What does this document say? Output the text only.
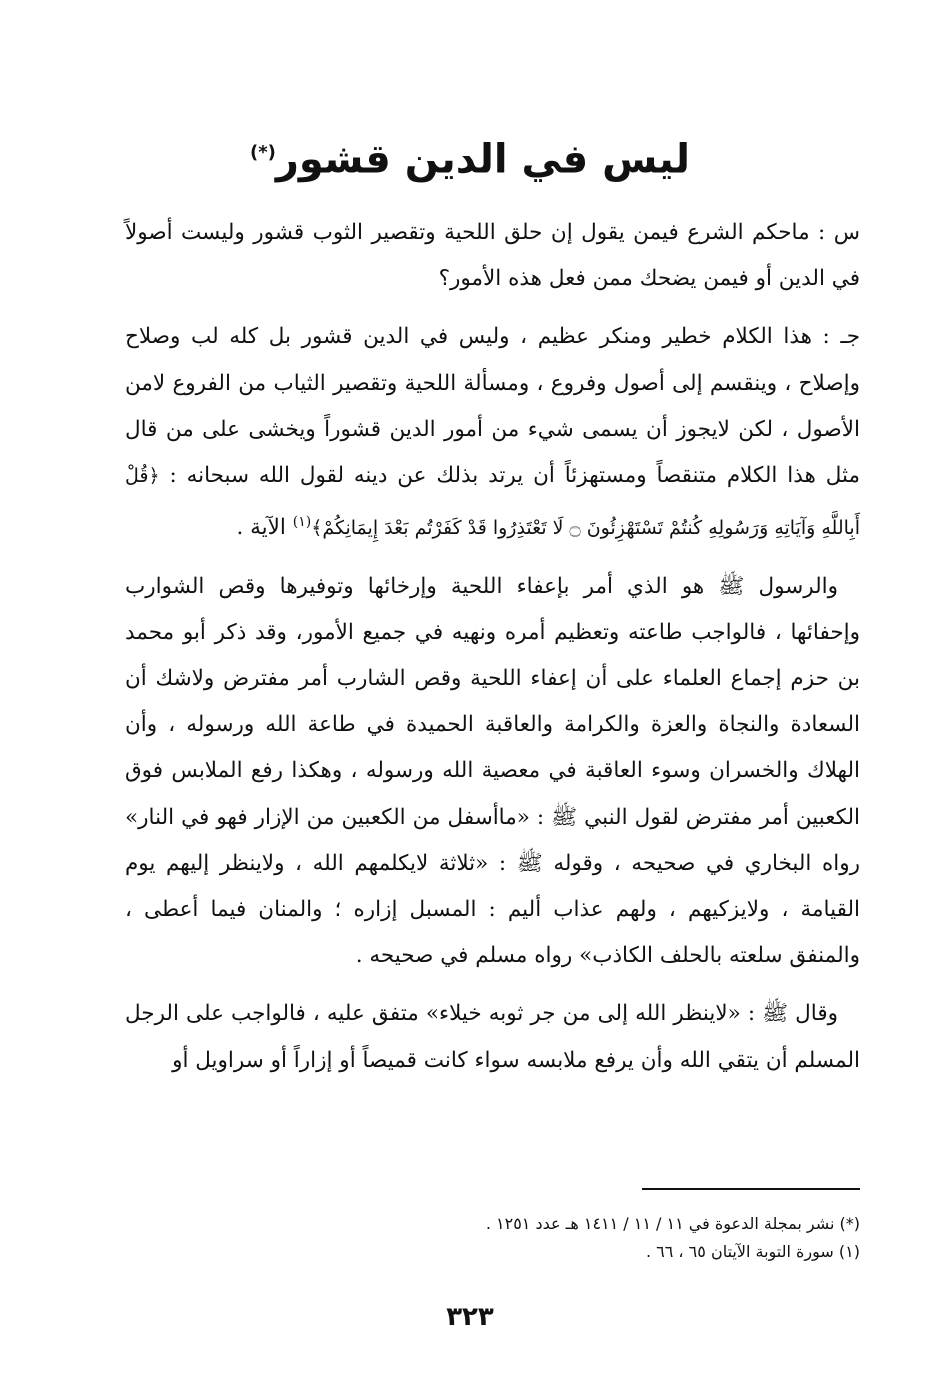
ليس في الدين قشور(*)

س : ماحكم الشرع فيمن يقول إن حلق اللحية وتقصير الثوب قشور وليست أصولاً في الدين أو فيمن يضحك ممن فعل هذه الأمور؟

جـ : هذا الكلام خطير ومنكر عظيم ، وليس في الدين قشور بل كله لب وصلاح وإصلاح ، وينقسم إلى أصول وفروع ، ومسألة اللحية وتقصير الثياب من الفروع لامن الأصول ، لكن لايجوز أن يسمى شيء من أمور الدين قشوراً ويخشى على من قال مثل هذا الكلام متنقصاً ومستهزئاً أن يرتد بذلك عن دينه لقول الله سبحانه : ﴿قُلْ أَبِاللَّهِ وَآيَاتِهِ وَرَسُولِهِ كُنتُمْ تَسْتَهْزِئُونَ ۝ لَا تَعْتَذِرُوا قَدْ كَفَرْتُم بَعْدَ إِيمَانِكُمْ﴾$^{(١)}$ الآية .

والرسول ﷺ هو الذي أمر بإعفاء اللحية وإرخائها وتوفيرها وقص الشوارب وإحفائها ، فالواجب طاعته وتعظيم أمره ونهيه في جميع الأمور، وقد ذكر أبو محمد بن حزم إجماع العلماء على أن إعفاء اللحية وقص الشارب أمر مفترض ولاشك أن السعادة والنجاة والعزة والكرامة والعاقبة الحميدة في طاعة الله ورسوله ، وأن الهلاك والخسران وسوء العاقبة في معصية الله ورسوله ، وهكذا رفع الملابس فوق الكعبين أمر مفترض لقول النبي ﷺ : «ماأسفل من الكعبين من الإزار فهو في النار» رواه البخاري في صحيحه ، وقوله ﷺ : «ثلاثة لايكلمهم الله ، ولاينظر إليهم يوم القيامة ، ولايزكيهم ، ولهم عذاب أليم : المسبل إزاره ؛ والمنان فيما أعطى ، والمنفق سلعته بالحلف الكاذب» رواه مسلم في صحيحه .

وقال ﷺ : «لاينظر الله إلى من جر ثوبه خيلاء» متفق عليه ، فالواجب على الرجل المسلم أن يتقي الله وأن يرفع ملابسه سواء كانت قميصاً أو إزاراً أو سراويل أو

(*) نشر بمجلة الدعوة في ١١ / ١١ / ١٤١١ هـ عدد ١٢٥١ .
(١) سورة التوبة الآيتان ٦٥ ، ٦٦ .
٣٢٣
